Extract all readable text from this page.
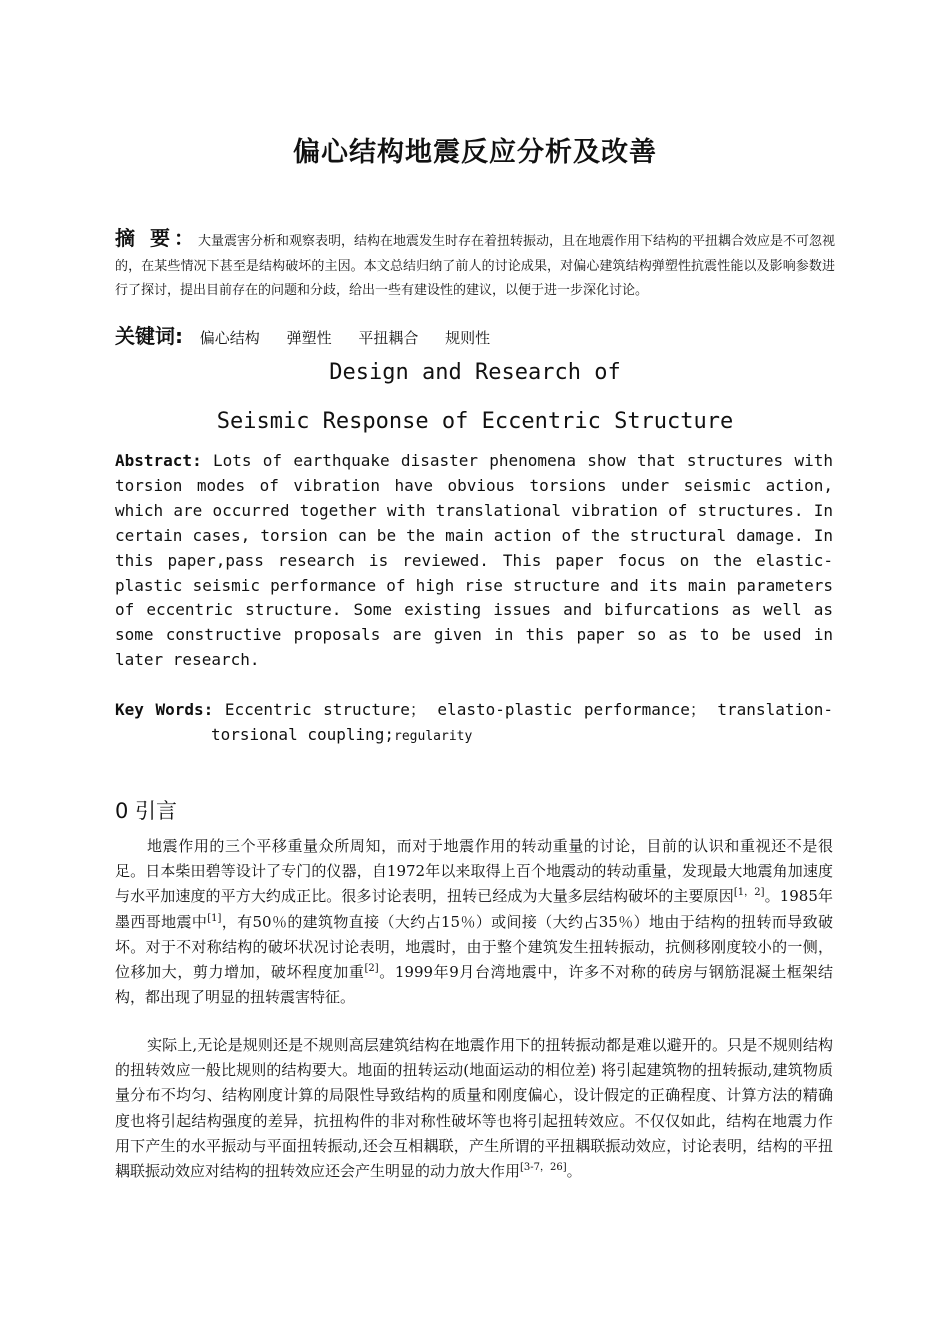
偏心结构地震反应分析及改善
摘 要：大量震害分析和观察表明，结构在地震发生时存在着扭转振动，且在地震作用下结构的平扭耦合效应是不可忽视的，在某些情况下甚至是结构破坏的主因。本文总结归纳了前人的讨论成果，对偏心建筑结构弹塑性抗震性能以及影响参数进行了探讨，提出目前存在的问题和分歧，给出一些有建设性的建议，以便于进一步深化讨论。
关键词: 偏心结构 弹塑性 平扭耦合 规则性
Design and Research of
Seismic Response of Eccentric Structure
Abstract: Lots of earthquake disaster phenomena show that structures with torsion modes of vibration have obvious torsions under seismic action, which are occurred together with translational vibration of structures. In certain cases, torsion can be the main action of the structural damage. In this paper,pass research is reviewed. This paper focus on the elastic-plastic seismic performance of high rise structure and its main parameters of eccentric structure. Some existing issues and bifurcations as well as some constructive proposals are given in this paper so as to be used in later research.
Key Words: Eccentric structure； elasto-plastic performance； translation-torsional coupling;regularity
0 引言

地震作用的三个平移重量众所周知，而对于地震作用的转动重量的讨论，目前的认识和重视还不是很足。日本柴田碧等设计了专门的仪器，自1972年以来取得上百个地震动的转动重量，发现最大地震角加速度与水平加速度的平方大约成正比。很多讨论表明，扭转已经成为大量多层结构破坏的主要原因[1，2]。1985年墨西哥地震中[1]，有50％的建筑物直接（大约占15％）或间接（大约占35％）地由于结构的扭转而导致破坏。对于不对称结构的破坏状况讨论表明，地震时，由于整个建筑发生扭转振动，抗侧移刚度较小的一侧，位移加大，剪力增加，破坏程度加重[2]。1999年9月台湾地震中，许多不对称的砖房与钢筋混凝土框架结构，都出现了明显的扭转震害特征。

实际上,无论是规则还是不规则高层建筑结构在地震作用下的扭转振动都是难以避开的。只是不规则结构的扭转效应一般比规则的结构要大。地面的扭转运动(地面运动的相位差) 将引起建筑物的扭转振动,建筑物质量分布不均匀、结构刚度计算的局限性导致结构的质量和刚度偏心，设计假定的正确程度、计算方法的精确度也将引起结构强度的差异，抗扭构件的非对称性破坏等也将引起扭转效应。不仅仅如此，结构在地震力作用下产生的水平振动与平面扭转振动,还会互相耦联，产生所谓的平扭耦联振动效应，讨论表明，结构的平扭耦联振动效应对结构的扭转效应还会产生明显的动力放大作用[3-7，26]。
